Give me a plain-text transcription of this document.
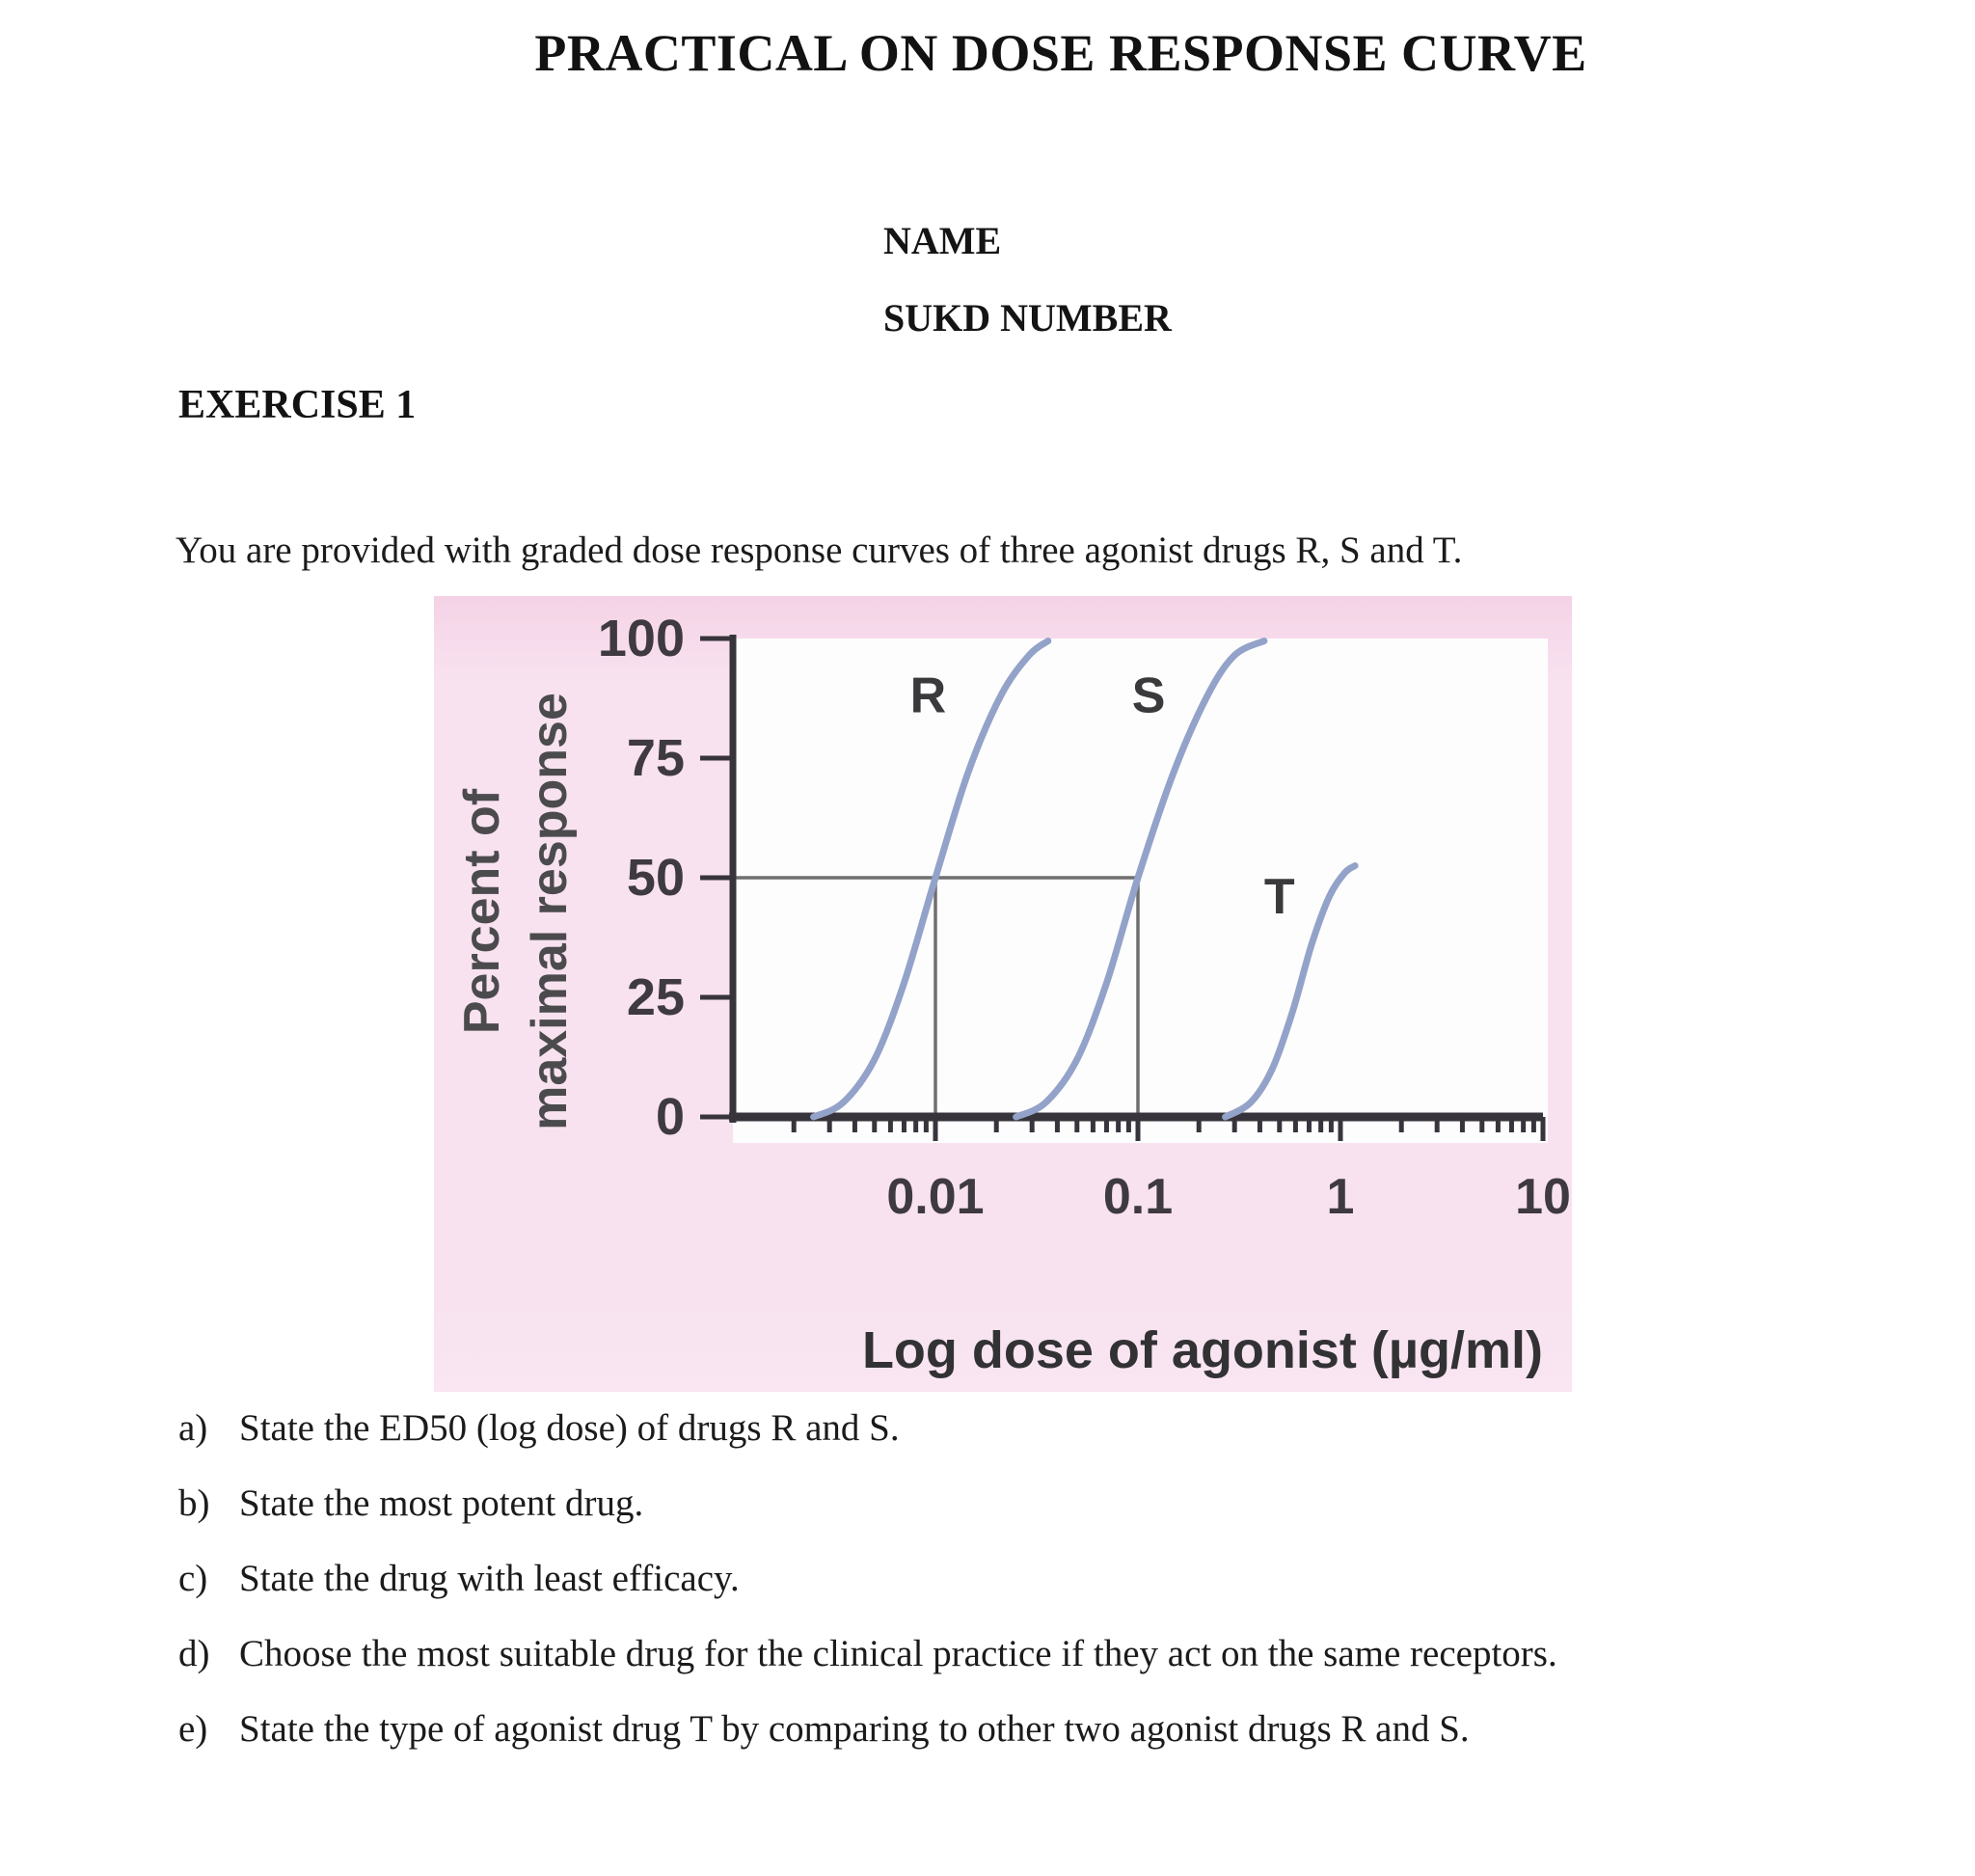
PRACTICAL ON DOSE RESPONSE CURVE
NAME
SUKD NUMBER
EXERCISE 1
You are provided with graded dose response curves of three agonist drugs R, S and T.
Percent of maximal response
0.01 0.1	1	10
0
25
50
75
100
R	S
T
Log dose of agonist (µg/ml)
a) State the ED50 (log dose) of drugs R and S.
b) State the most potent drug.
c) State the drug with least efficacy.
d) Choose the most suitable drug for the clinical practice if they act on the same receptors.
e) State the type of agonist drug T by comparing to other two agonist drugs R and S.
